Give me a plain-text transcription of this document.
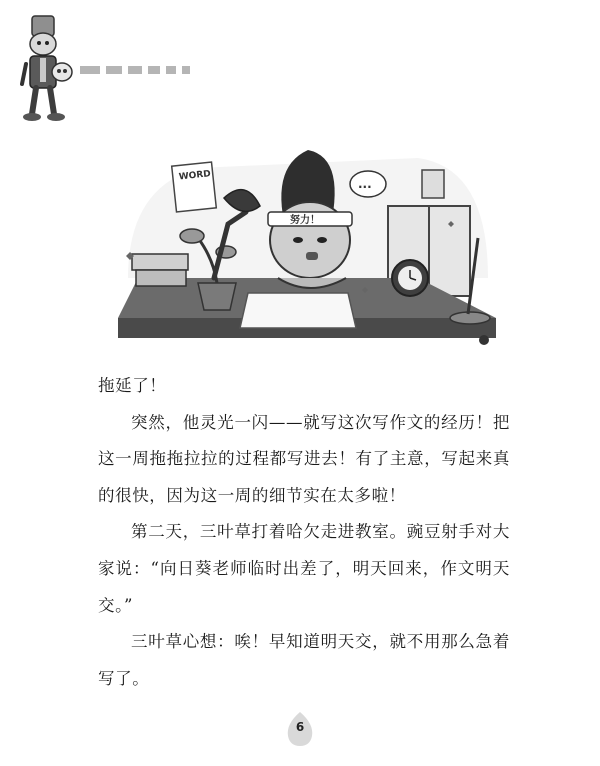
WORD
努力！
...

拖延了！

突然，他灵光一闪——就写这次写作文的经历！把这一周拖拖拉拉的过程都写进去！有了主意，写起来真的很快，因为这一周的细节实在太多啦！

第二天，三叶草打着哈欠走进教室。豌豆射手对大家说：“向日葵老师临时出差了，明天回来，作文明天交。”

三叶草心想：唉！早知道明天交，就不用那么急着写了。

6
